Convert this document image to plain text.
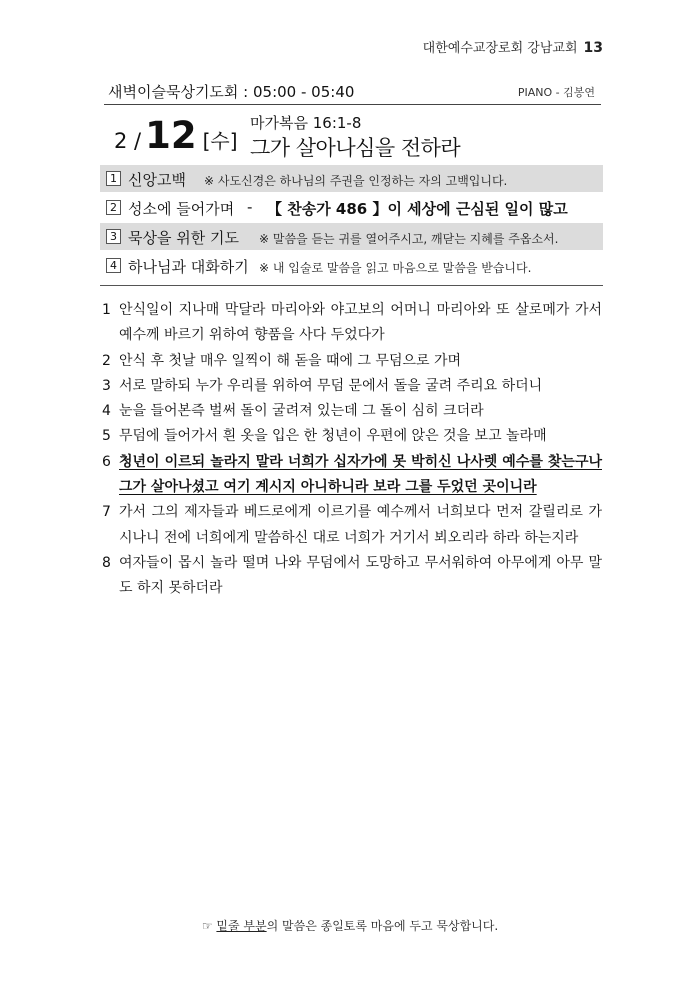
대한예수교장로회 강남교회 13
새벽이슬묵상기도회 : 05:00 - 05:40	PIANO - 김봉연
2 / 12 [수]
마가복음 16:1-8
그가 살아나심을 전하라
1 신앙고백 ※ 사도신경은 하나님의 주권을 인정하는 자의 고백입니다.
2 성소에 들어가며 - 【 찬송가 486 】이 세상에 근심된 일이 많고
3 묵상을 위한 기도 ※ 말씀을 듣는 귀를 열어주시고, 깨닫는 지혜를 주옵소서.
4 하나님과 대화하기 ※ 내 입술로 말씀을 읽고 마음으로 말씀을 받습니다.
1 안식일이 지나매 막달라 마리아와 야고보의 어머니 마리아와 또 살로메가 가서 예수께 바르기 위하여 향품을 사다 두었다가
2 안식 후 첫날 매우 일찍이 해 돋을 때에 그 무덤으로 가며
3 서로 말하되 누가 우리를 위하여 무덤 문에서 돌을 굴려 주리요 하더니
4 눈을 들어본즉 벌써 돌이 굴려져 있는데 그 돌이 심히 크더라
5 무덤에 들어가서 흰 옷을 입은 한 청년이 우편에 앉은 것을 보고 놀라매
6 청년이 이르되 놀라지 말라 너희가 십자가에 못 박히신 나사렛 예수를 찾는구나 그가 살아나셨고 여기 계시지 아니하니라 보라 그를 두었던 곳이니라
7 가서 그의 제자들과 베드로에게 이르기를 예수께서 너희보다 먼저 갈릴리로 가시나니 전에 너희에게 말씀하신 대로 너희가 거기서 뵈오리라 하라 하는지라
8 여자들이 몹시 놀라 떨며 나와 무덤에서 도망하고 무서워하여 아무에게 아무 말도 하지 못하더라
☞ 밑줄 부분의 말씀은 종일토록 마음에 두고 묵상합니다.
